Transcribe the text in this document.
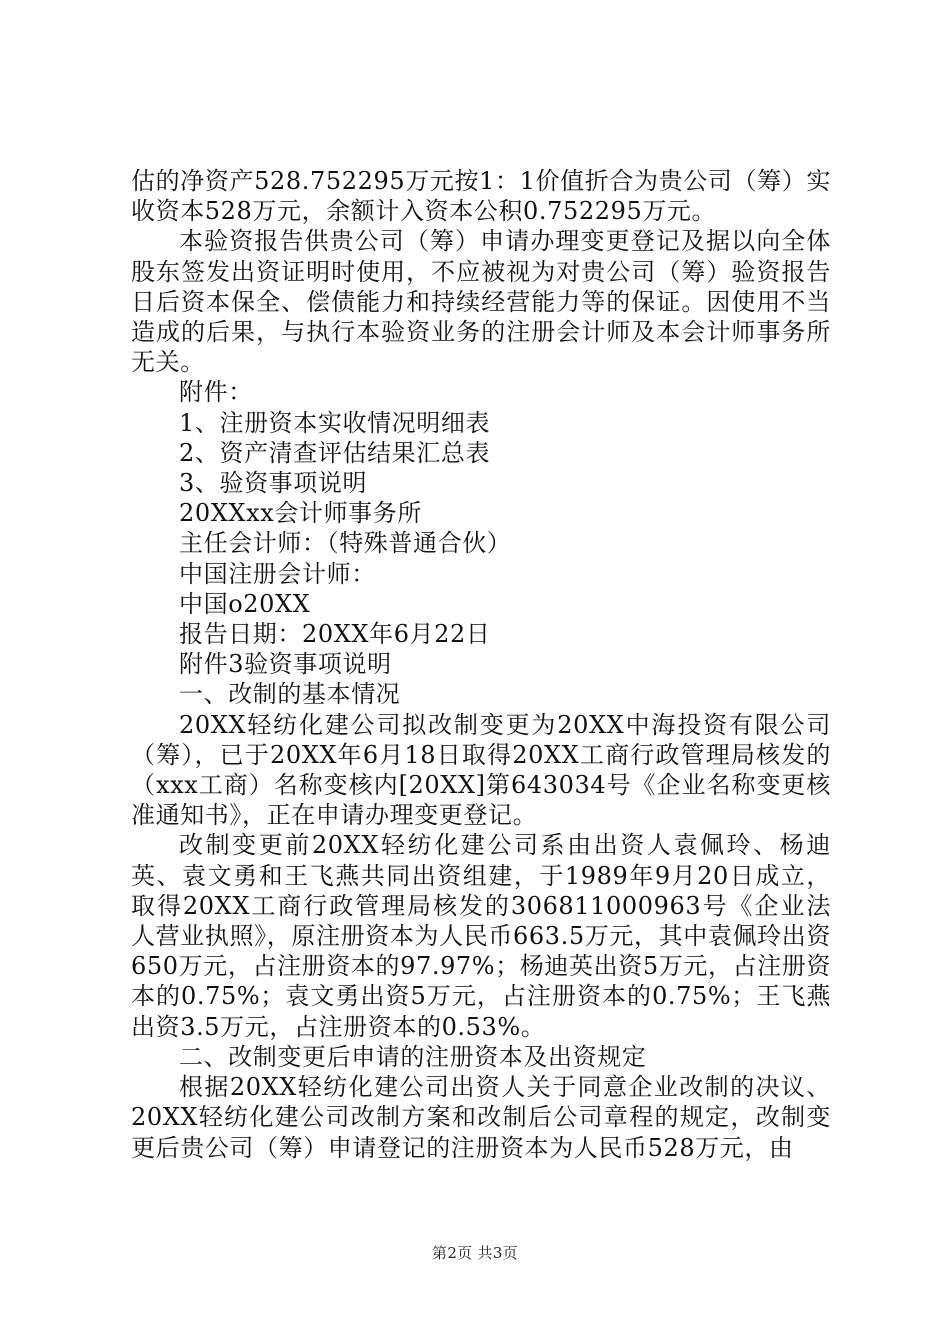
估的净资产528.752295万元按1：1价值折合为贵公司（筹）实收资本528万元，余额计入资本公积0.752295万元。

本验资报告供贵公司（筹）申请办理变更登记及据以向全体股东签发出资证明时使用，不应被视为对贵公司（筹）验资报告日后资本保全、偿债能力和持续经营能力等的保证。因使用不当造成的后果，与执行本验资业务的注册会计师及本会计师事务所无关。

附件：

1、注册资本实收情况明细表

2、资产清查评估结果汇总表

3、验资事项说明

20XXxx会计师事务所

主任会计师：（特殊普通合伙）

中国注册会计师：

中国o20XX

报告日期：20XX年6月22日

附件3验资事项说明

一、改制的基本情况

20XX轻纺化建公司拟改制变更为20XX中海投资有限公司（筹），已于20XX年6月18日取得20XX工商行政管理局核发的（xxx工商）名称变核内[20XX]第643034号《企业名称变更核准通知书》，正在申请办理变更登记。

改制变更前20XX轻纺化建公司系由出资人袁佩玲、杨迪英、袁文勇和王飞燕共同出资组建，于1989年9月20日成立，取得20XX工商行政管理局核发的306811000963号《企业法人营业执照》，原注册资本为人民币663.5万元，其中袁佩玲出资650万元，占注册资本的97.97%；杨迪英出资5万元，占注册资本的0.75%；袁文勇出资5万元，占注册资本的0.75%；王飞燕出资3.5万元，占注册资本的0.53%。

二、改制变更后申请的注册资本及出资规定

根据20XX轻纺化建公司出资人关于同意企业改制的决议、20XX轻纺化建公司改制方案和改制后公司章程的规定，改制变更后贵公司（筹）申请登记的注册资本为人民币528万元，由

第2页 共3页
